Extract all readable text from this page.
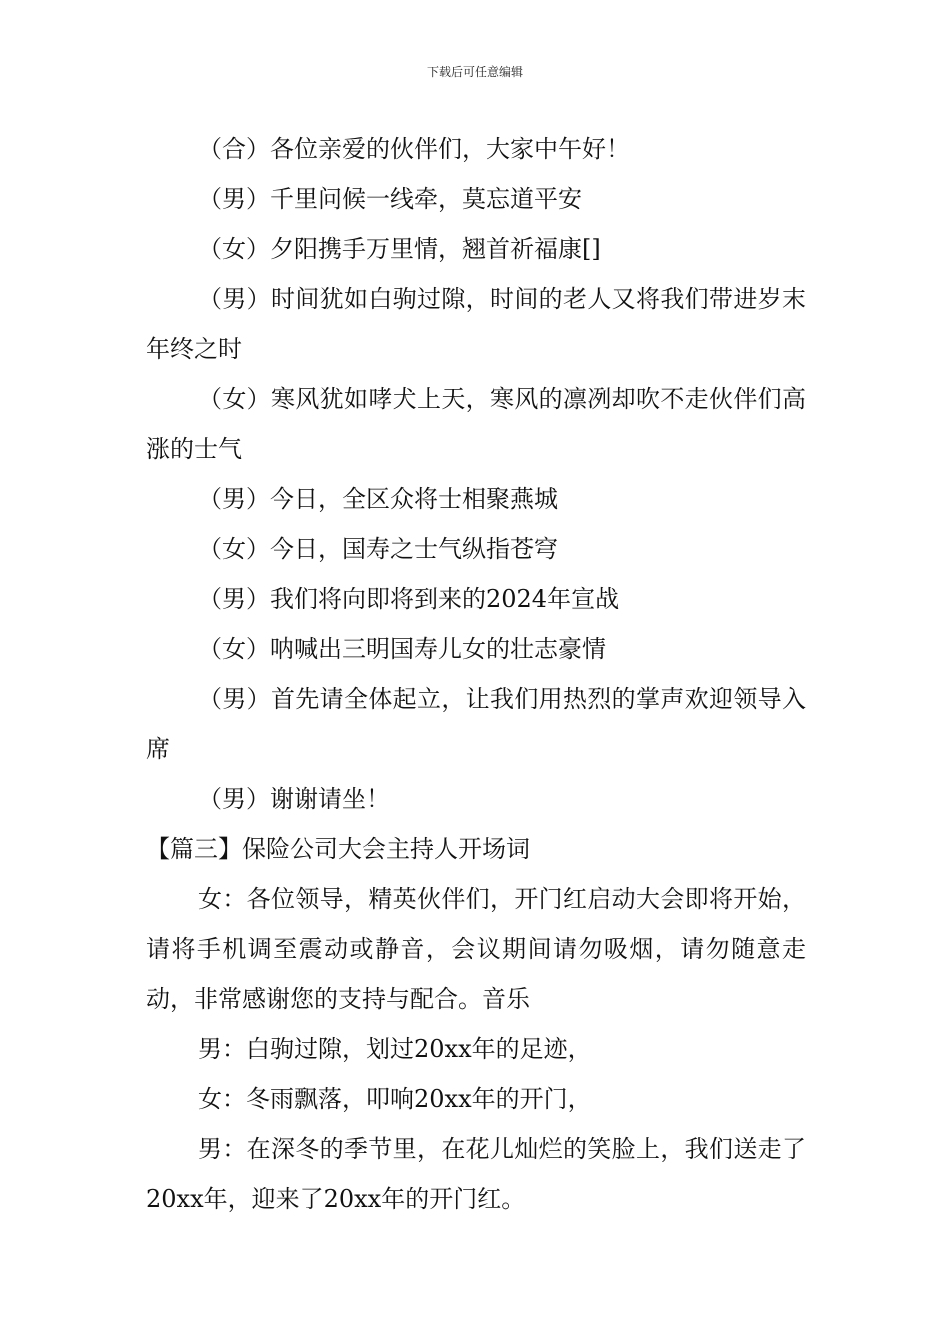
下载后可任意编辑

（合）各位亲爱的伙伴们，大家中午好！

（男）千里问候一线牵，莫忘道平安

（女）夕阳携手万里情，翘首祈福康[]

（男）时间犹如白驹过隙，时间的老人又将我们带进岁末年终之时

（女）寒风犹如哮犬上天，寒风的凛冽却吹不走伙伴们高涨的士气

（男）今日，全区众将士相聚燕城

（女）今日，国寿之士气纵指苍穹

（男）我们将向即将到来的2024年宣战

（女）呐喊出三明国寿儿女的壮志豪情

（男）首先请全体起立，让我们用热烈的掌声欢迎领导入席

（男）谢谢请坐！

【篇三】保险公司大会主持人开场词

女：各位领导，精英伙伴们，开门红启动大会即将开始，请将手机调至震动或静音，会议期间请勿吸烟，请勿随意走动，非常感谢您的支持与配合。音乐

男：白驹过隙，划过20xx年的足迹，

女：冬雨飘落，叩响20xx年的开门，

男：在深冬的季节里，在花儿灿烂的笑脸上，我们送走了20xx年，迎来了20xx年的开门红。
